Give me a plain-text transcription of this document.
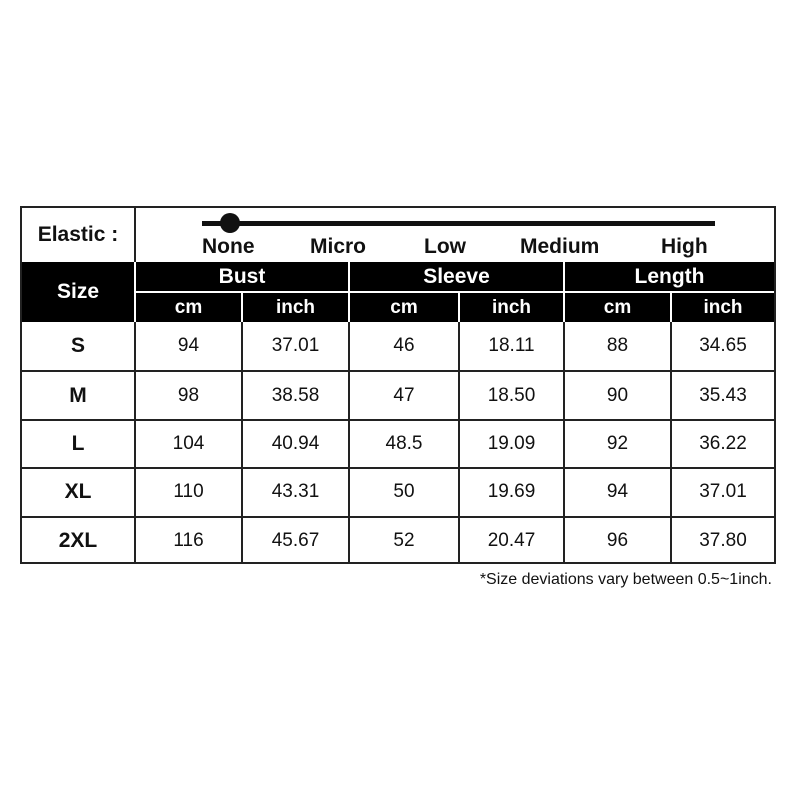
Elastic :
None	Micro	Low	Medium	High
Size
Bust	Sleeve	Length
cm	inch	cm	inch	cm	inch
S	94	37.01	46	18.11	88	34.65
M	98	38.58	47	18.50	90	35.43
L	104	40.94	48.5	19.09	92	36.22
XL	110	43.31	50	19.69	94	37.01
2XL	116	45.67	52	20.47	96	37.80
*Size deviations vary between 0.5~1inch.
